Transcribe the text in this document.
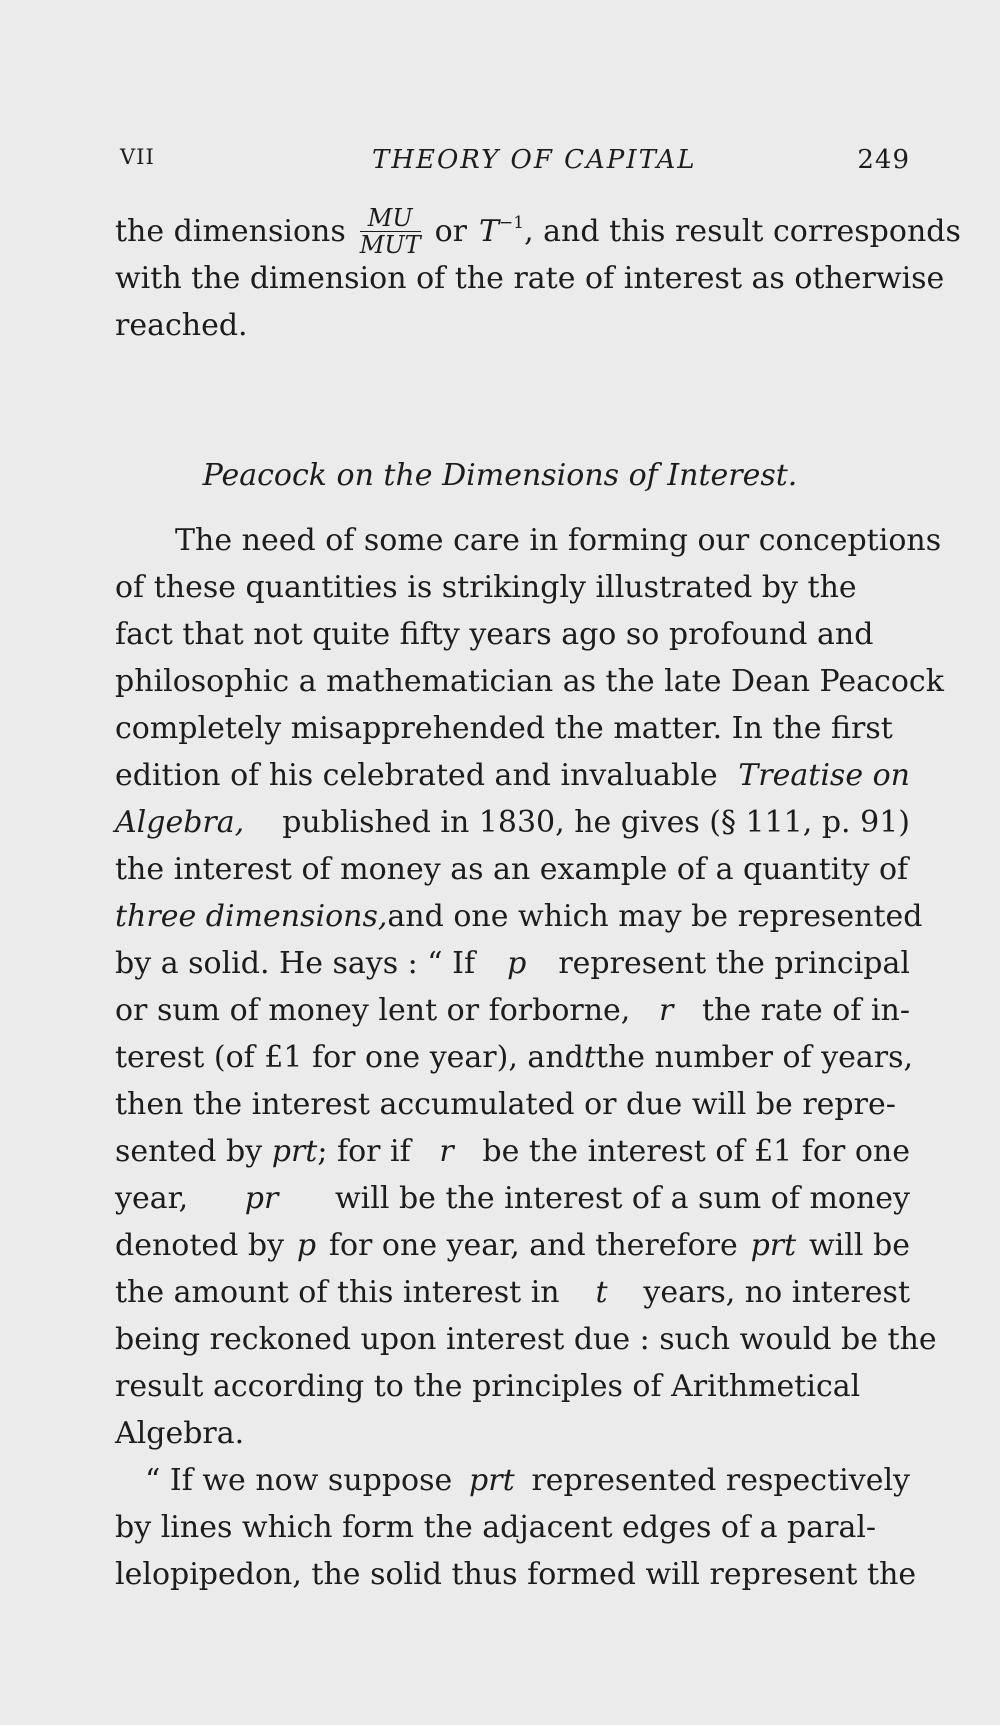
VII	THEORY OF CAPITAL	249
the dimensions $\frac{MU}{\text{MUT}}$ or $T^{-1}$, and this result corresponds
with the dimension of the rate of interest as otherwise
reached.
Peacock on the Dimensions of Interest.
The need of some care in forming our conceptions
of these quantities is strikingly illustrated by the
fact that not quite fifty years ago so profound and
philosophic a mathematician as the late Dean Peacock
completely misapprehended the matter. In the first
edition of his celebrated and invaluable Treatise on
Algebra, published in 1830, he gives (§ 111, p. 91)
the interest of money as an example of a quantity of
three dimensions, and one which may be represented
by a solid. He says : “ If p represent the principal
or sum of money lent or forborne, r the rate of in-
terest (of £1 for one year), and t the number of years,
then the interest accumulated or due will be repre-
sented by prt; for if r be the interest of £1 for one
year, pr will be the interest of a sum of money
denoted by p for one year, and therefore prt will be
the amount of this interest in t years, no interest
being reckoned upon interest due : such would be the
result according to the principles of Arithmetical
Algebra.
“ If we now suppose prt represented respectively
by lines which form the adjacent edges of a paral-
lelopipedon, the solid thus formed will represent the
